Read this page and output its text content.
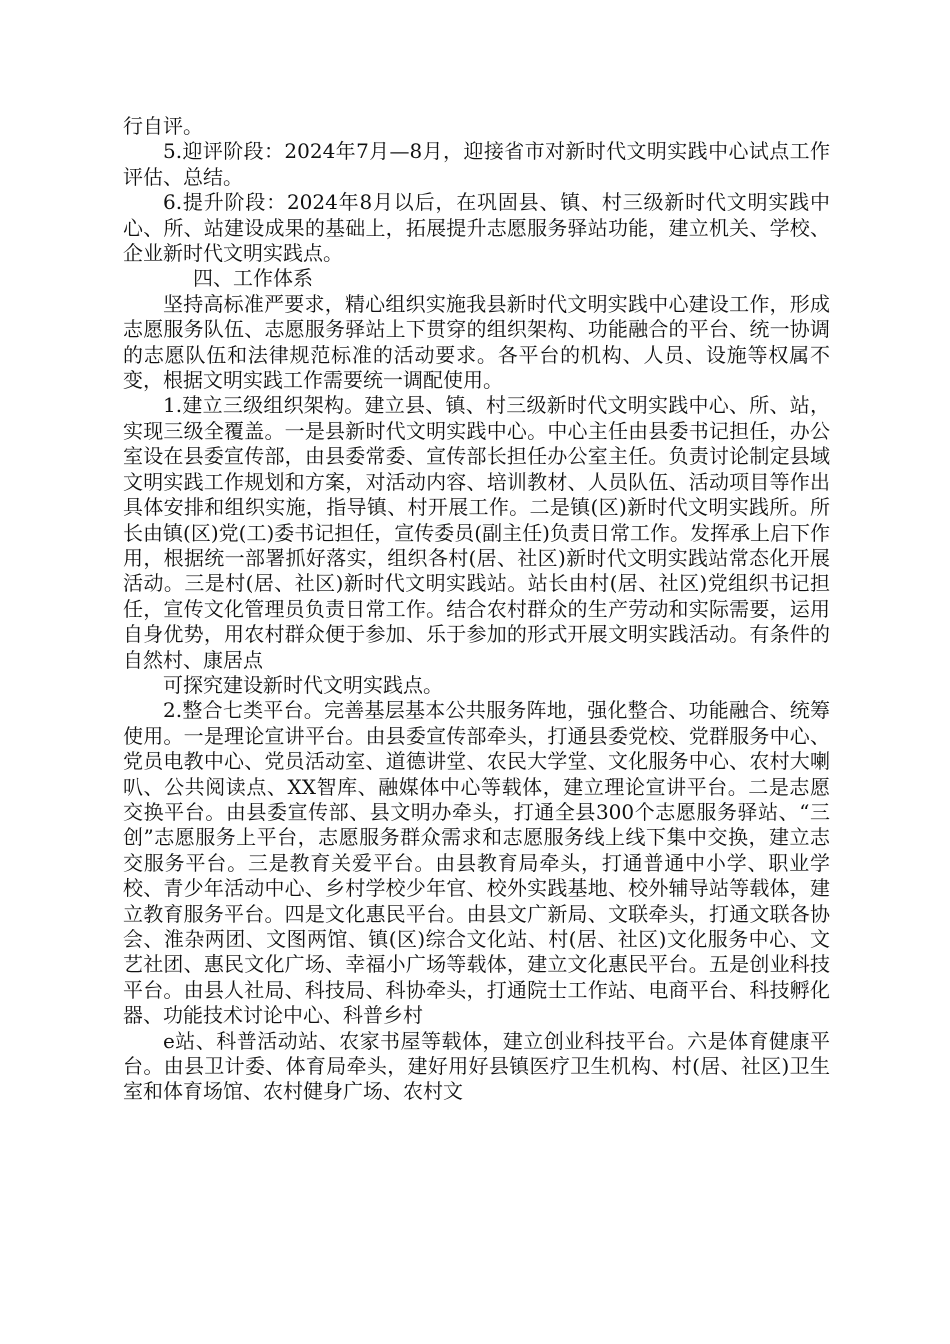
行自评。

5.迎评阶段：2024年7月—8月，迎接省市对新时代文明实践中心试点工作评估、总结。

6.提升阶段：2024年8月以后，在巩固县、镇、村三级新时代文明实践中心、所、站建设成果的基础上，拓展提升志愿服务驿站功能，建立机关、学校、企业新时代文明实践点。

四、工作体系

坚持高标准严要求，精心组织实施我县新时代文明实践中心建设工作，形成志愿服务队伍、志愿服务驿站上下贯穿的组织架构、功能融合的平台、统一协调的志愿队伍和法律规范标准的活动要求。各平台的机构、人员、设施等权属不变，根据文明实践工作需要统一调配使用。

1.建立三级组织架构。建立县、镇、村三级新时代文明实践中心、所、站，实现三级全覆盖。一是县新时代文明实践中心。中心主任由县委书记担任，办公室设在县委宣传部，由县委常委、宣传部长担任办公室主任。负责讨论制定县域文明实践工作规划和方案，对活动内容、培训教材、人员队伍、活动项目等作出具体安排和组织实施，指导镇、村开展工作。二是镇(区)新时代文明实践所。所长由镇(区)党(工)委书记担任，宣传委员(副主任)负责日常工作。发挥承上启下作用，根据统一部署抓好落实，组织各村(居、社区)新时代文明实践站常态化开展活动。三是村(居、社区)新时代文明实践站。站长由村(居、社区)党组织书记担任，宣传文化管理员负责日常工作。结合农村群众的生产劳动和实际需要，运用自身优势，用农村群众便于参加、乐于参加的形式开展文明实践活动。有条件的自然村、康居点

可探究建设新时代文明实践点。

2.整合七类平台。完善基层基本公共服务阵地，强化整合、功能融合、统筹使用。一是理论宣讲平台。由县委宣传部牵头，打通县委党校、党群服务中心、党员电教中心、党员活动室、道德讲堂、农民大学堂、文化服务中心、农村大喇叭、公共阅读点、XX智库、融媒体中心等载体，建立理论宣讲平台。二是志愿交换平台。由县委宣传部、县文明办牵头，打通全县300个志愿服务驿站、“三创”志愿服务上平台，志愿服务群众需求和志愿服务线上线下集中交换，建立志交服务平台。三是教育关爱平台。由县教育局牵头，打通普通中小学、职业学校、青少年活动中心、乡村学校少年官、校外实践基地、校外辅导站等载体，建立教育服务平台。四是文化惠民平台。由县文广新局、文联牵头，打通文联各协会、淮杂两团、文图两馆、镇(区)综合文化站、村(居、社区)文化服务中心、文艺社团、惠民文化广场、幸福小广场等载体，建立文化惠民平台。五是创业科技平台。由县人社局、科技局、科协牵头，打通院士工作站、电商平台、科技孵化器、功能技术讨论中心、科普乡村

e站、科普活动站、农家书屋等载体，建立创业科技平台。六是体育健康平台。由县卫计委、体育局牵头，建好用好县镇医疗卫生机构、村(居、社区)卫生室和体育场馆、农村健身广场、农村文
